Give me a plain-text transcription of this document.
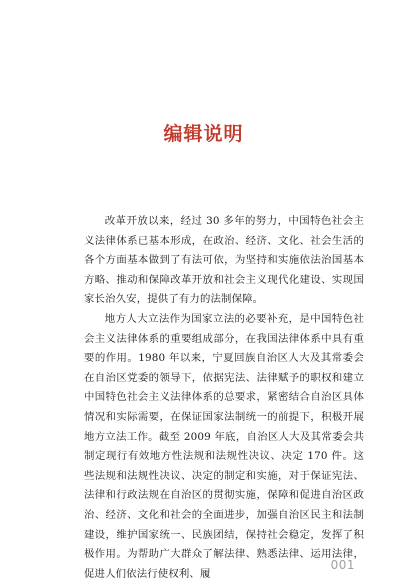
编辑说明

改革开放以来，经过 30 多年的努力，中国特色社会主义法律体系已基本形成，在政治、经济、文化、社会生活的各个方面基本做到了有法可依，为坚持和实施依法治国基本方略、推动和保障改革开放和社会主义现代化建设、实现国家长治久安，提供了有力的法制保障。

地方人大立法作为国家立法的必要补充，是中国特色社会主义法律体系的重要组成部分，在我国法律体系中具有重要的作用。1980 年以来，宁夏回族自治区人大及其常委会在自治区党委的领导下，依据宪法、法律赋予的职权和建立中国特色社会主义法律体系的总要求，紧密结合自治区具体情况和实际需要，在保证国家法制统一的前提下，积极开展地方立法工作。截至 2009 年底，自治区人大及其常委会共制定现行有效地方性法规和法规性决议、决定 170 件。这些法规和法规性决议、决定的制定和实施，对于保证宪法、法律和行政法规在自治区的贯彻实施，保障和促进自治区政治、经济、文化和社会的全面进步，加强自治区民主和法制建设，维护国家统一、民族团结，保持社会稳定，发挥了积极作用。为帮助广大群众了解法律、熟悉法律、运用法律，促进人们依法行使权利、履

001
